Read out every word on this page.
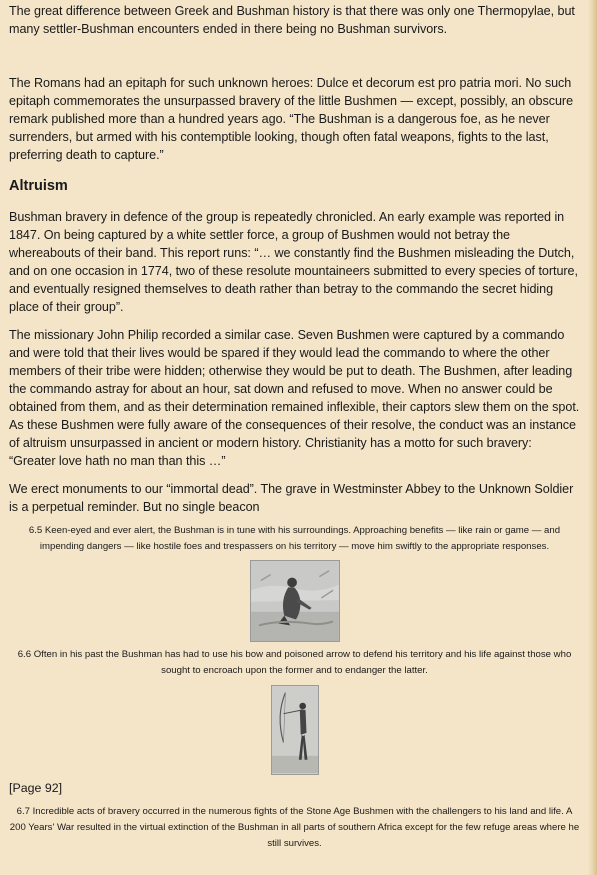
The great difference between Greek and Bushman history is that there was only one Thermopylae, but many settler-Bushman encounters ended in there being no Bushman survivors.

The Romans had an epitaph for such unknown heroes: Dulce et decorum est pro patria mori. No such epitaph commemorates the unsurpassed bravery of the little Bushmen — except, possibly, an obscure remark published more than a hundred years ago. “The Bushman is a dangerous foe, as he never surrenders, but armed with his contemptible looking, though often fatal weapons, fights to the last, preferring death to capture.”

Altruism

Bushman bravery in defence of the group is repeatedly chronicled. An early example was reported in 1847. On being captured by a white settler force, a group of Bushmen would not betray the whereabouts of their band. This report runs: “… we constantly find the Bushmen misleading the Dutch, and on one occasion in 1774, two of these resolute mountaineers submitted to every species of torture, and eventually resigned themselves to death rather than betray to the commando the secret hiding place of their group”.

The missionary John Philip recorded a similar case. Seven Bushmen were captured by a commando and were told that their lives would be spared if they would lead the commando to where the other members of their tribe were hidden; otherwise they would be put to death. The Bushmen, after leading the commando astray for about an hour, sat down and refused to move. When no answer could be obtained from them, and as their determination remained inflexible, their captors slew them on the spot. As these Bushmen were fully aware of the consequences of their resolve, the conduct was an instance of altruism unsurpassed in ancient or modern history. Christianity has a motto for such bravery: “Greater love hath no man than this …”

We erect monuments to our “immortal dead”. The grave in Westminster Abbey to the Unknown Soldier is a perpetual reminder. But no single beacon

6.5 Keen-eyed and ever alert, the Bushman is in tune with his surroundings. Approaching benefits — like rain or game — and impending dangers — like hostile foes and trespassers on his territory — move him swiftly to the appropriate responses.

6.6 Often in his past the Bushman has had to use his bow and poisoned arrow to defend his territory and his life against those who sought to encroach upon the former and to endanger the latter.

[Page 92]

6.7 Incredible acts of bravery occurred in the numerous fights of the Stone Age Bushmen with the challengers to his land and life. A 200 Years' War resulted in the virtual extinction of the Bushman in all parts of southern Africa except for the few refuge areas where he still survives.
